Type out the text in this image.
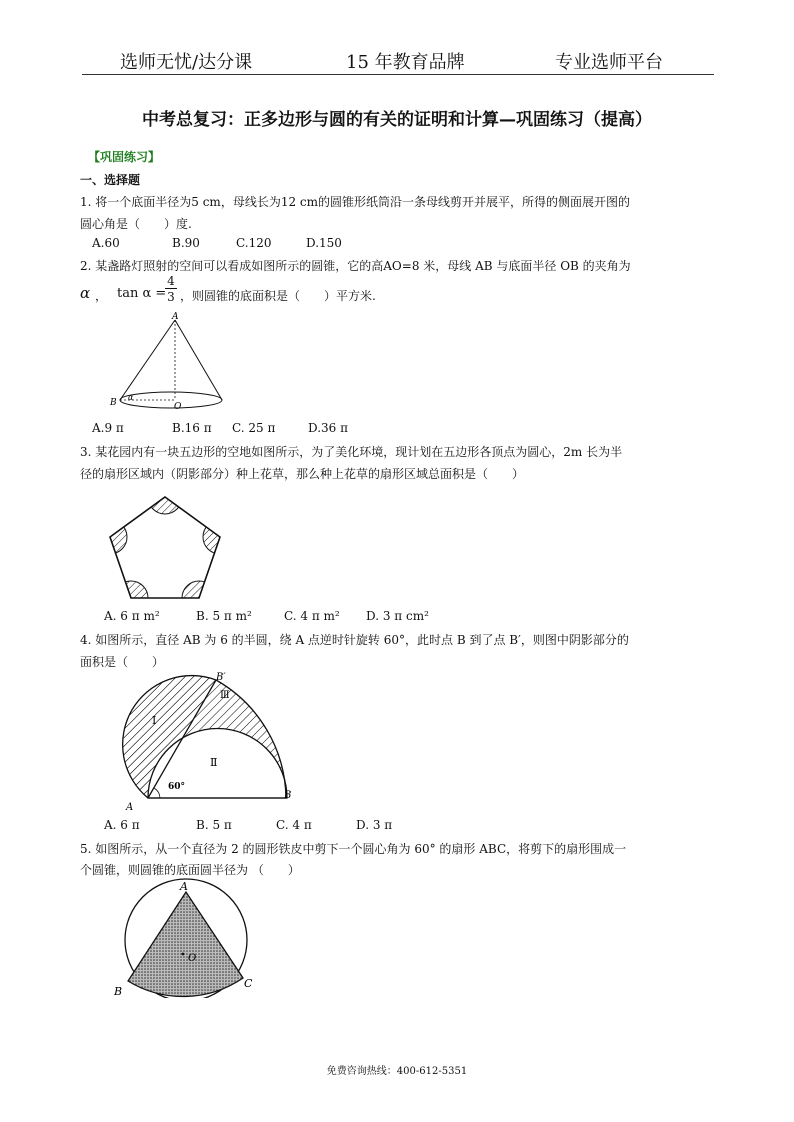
选师无忧/达分课	15 年教育品牌	专业选师平台
中考总复习：正多边形与圆的有关的证明和计算—巩固练习（提高）
【巩固练习】
一、选择题
1. 将一个底面半径为5 cm，母线长为12 cm的圆锥形纸筒沿一条母线剪开并展平，所得的侧面展开图的
圆心角是（　　）度.
A.60	B.90	C.120	D.150
2. 某盏路灯照射的空间可以看成如图所示的圆锥，它的高AO=8 米，母线 AB 与底面半径 OB 的夹角为
α ， tan α =
4
3 ，则圆锥的底面积是（　　）平方米.
A
B	O
α
A.9 π	B.16 π C. 25 π	D.36 π
3. 某花园内有一块五边形的空地如图所示，为了美化环境，现计划在五边形各顶点为圆心，2m 长为半
径的扇形区域内（阴影部分）种上花草，那么种上花草的扇形区域总面积是（　　）
A. 6 π m²	B. 5 π m²	C. 4 π m² D. 3 π cm²
4. 如图所示，直径 AB 为 6 的半圆，绕 A 点逆时针旋转 60°，此时点 B 到了点 B′，则图中阴影部分的
面积是（　　）
A
B
B′
Ⅰ
Ⅱ
Ⅲ
60°
A. 6 π	B. 5 π	C. 4 π	D. 3 π
5. 如图所示，从一个直径为 2 的圆形铁皮中剪下一个圆心角为 60° 的扇形 ABC，将剪下的扇形围成一
个圆锥，则圆锥的底面圆半径为 （　　）
A
B
C
O
免费咨询热线：400-612-5351
